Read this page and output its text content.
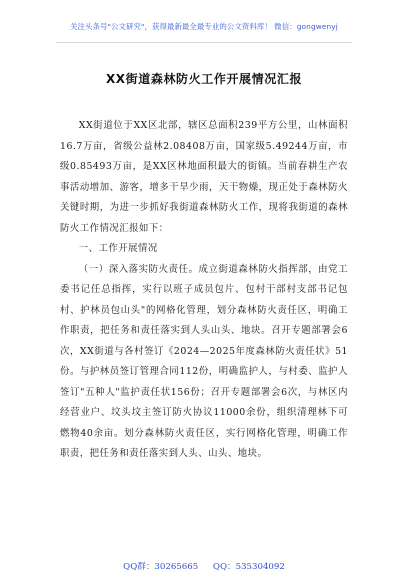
关注头条号"公文研究"，获得最新最全最专业的公文资料库！ 微信：gongwenyj
XX街道森林防火工作开展情况汇报

XX街道位于XX区北部，辖区总面积239平方公里，山林面积16.7万亩，省级公益林2.08408万亩，国家级5.49244万亩，市级0.85493万亩，是XX区林地面积最大的街镇。当前春耕生产农事活动增加、游客，增多干旱少雨，天干物燥，现正处于森林防火关键时期，为进一步抓好我街道森林防火工作，现将我街道的森林防火工作情况汇报如下：

一、工作开展情况

（一）深入落实防火责任。成立街道森林防火指挥部，由党工委书记任总指挥，实行以班子成员包片、包村干部村支部书记包村、护林员包山头"的网格化管理，划分森林防火责任区，明确工作职责，把任务和责任落实到人头山头、地块。召开专题部署会6次，XX街道与各村签订《2024—2025年度森林防火责任状》51份。与护林员签订管理合同112份，明确监护人，与村委、监护人签订"五种人"监护责任状156份；召开专题部署会6次，与林区内经营业户、坟头坟主签订防火协议11000余份，组织清理林下可燃物40余亩。划分森林防火责任区，实行网格化管理，明确工作职责，把任务和责任落实到人头、山头、地块。

QQ群：30265665 QQ：535304092
